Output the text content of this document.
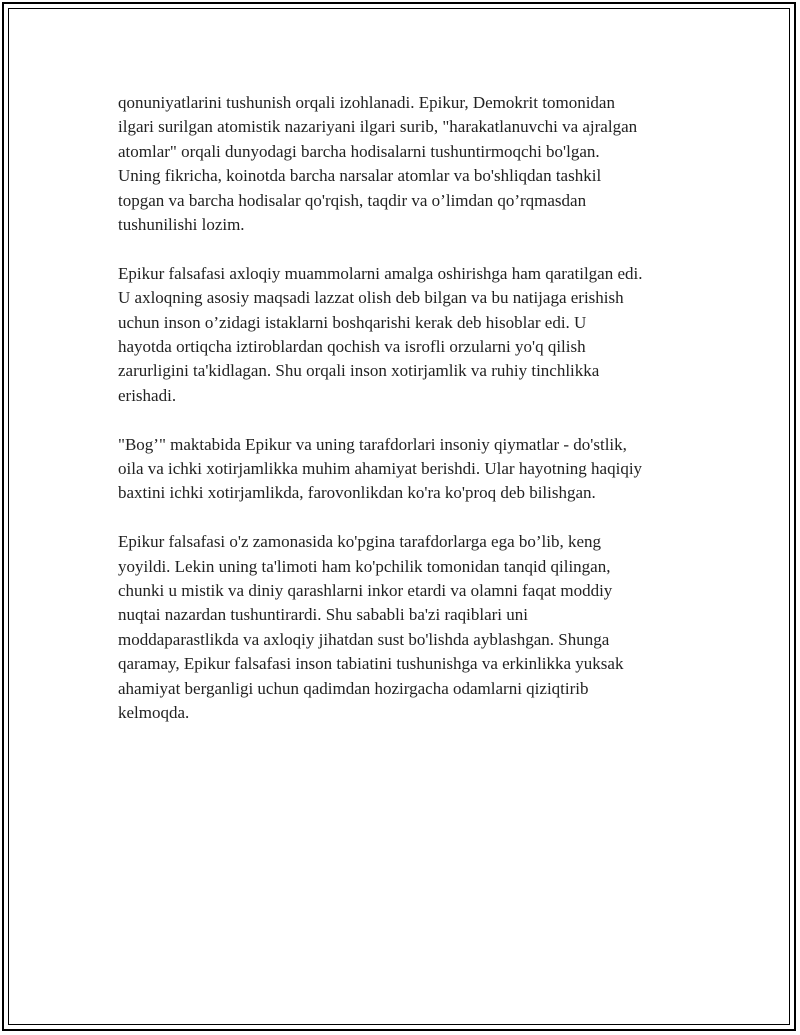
qonuniyatlarini tushunish orqali izohlanadi. Epikur, Demokrit tomonidan
ilgari surilgan atomistik nazariyani ilgari surib, "harakatlanuvchi va ajralgan
atomlar" orqali dunyodagi barcha hodisalarni tushuntirmoqchi bo'lgan.
Uning fikricha, koinotda barcha narsalar atomlar va bo'shliqdan tashkil
topgan va barcha hodisalar qo'rqish, taqdir va o’limdan qo’rqmasdan
tushunilishi lozim.

Epikur falsafasi axloqiy muammolarni amalga oshirishga ham qaratilgan edi.
U axloqning asosiy maqsadi lazzat olish deb bilgan va bu natijaga erishish
uchun inson o’zidagi istaklarni boshqarishi kerak deb hisoblar edi. U
hayotda ortiqcha iztiroblardan qochish va isrofli orzularni yo'q qilish
zarurligini ta'kidlagan. Shu orqali inson xotirjamlik va ruhiy tinchlikka
erishadi.

"Bog’" maktabida Epikur va uning tarafdorlari insoniy qiymatlar - do'stlik,
oila va ichki xotirjamlikka muhim ahamiyat berishdi. Ular hayotning haqiqiy
baxtini ichki xotirjamlikda, farovonlikdan ko'ra ko'proq deb bilishgan.

Epikur falsafasi o'z zamonasida ko'pgina tarafdorlarga ega bo’lib, keng
yoyildi. Lekin uning ta'limoti ham ko'pchilik tomonidan tanqid qilingan,
chunki u mistik va diniy qarashlarni inkor etardi va olamni faqat moddiy
nuqtai nazardan tushuntirardi. Shu sababli ba'zi raqiblari uni
moddaparastlikda va axloqiy jihatdan sust bo'lishda ayblashgan. Shunga
qaramay, Epikur falsafasi inson tabiatini tushunishga va erkinlikka yuksak
ahamiyat berganligi uchun qadimdan hozirgacha odamlarni qiziqtirib
kelmoqda.
